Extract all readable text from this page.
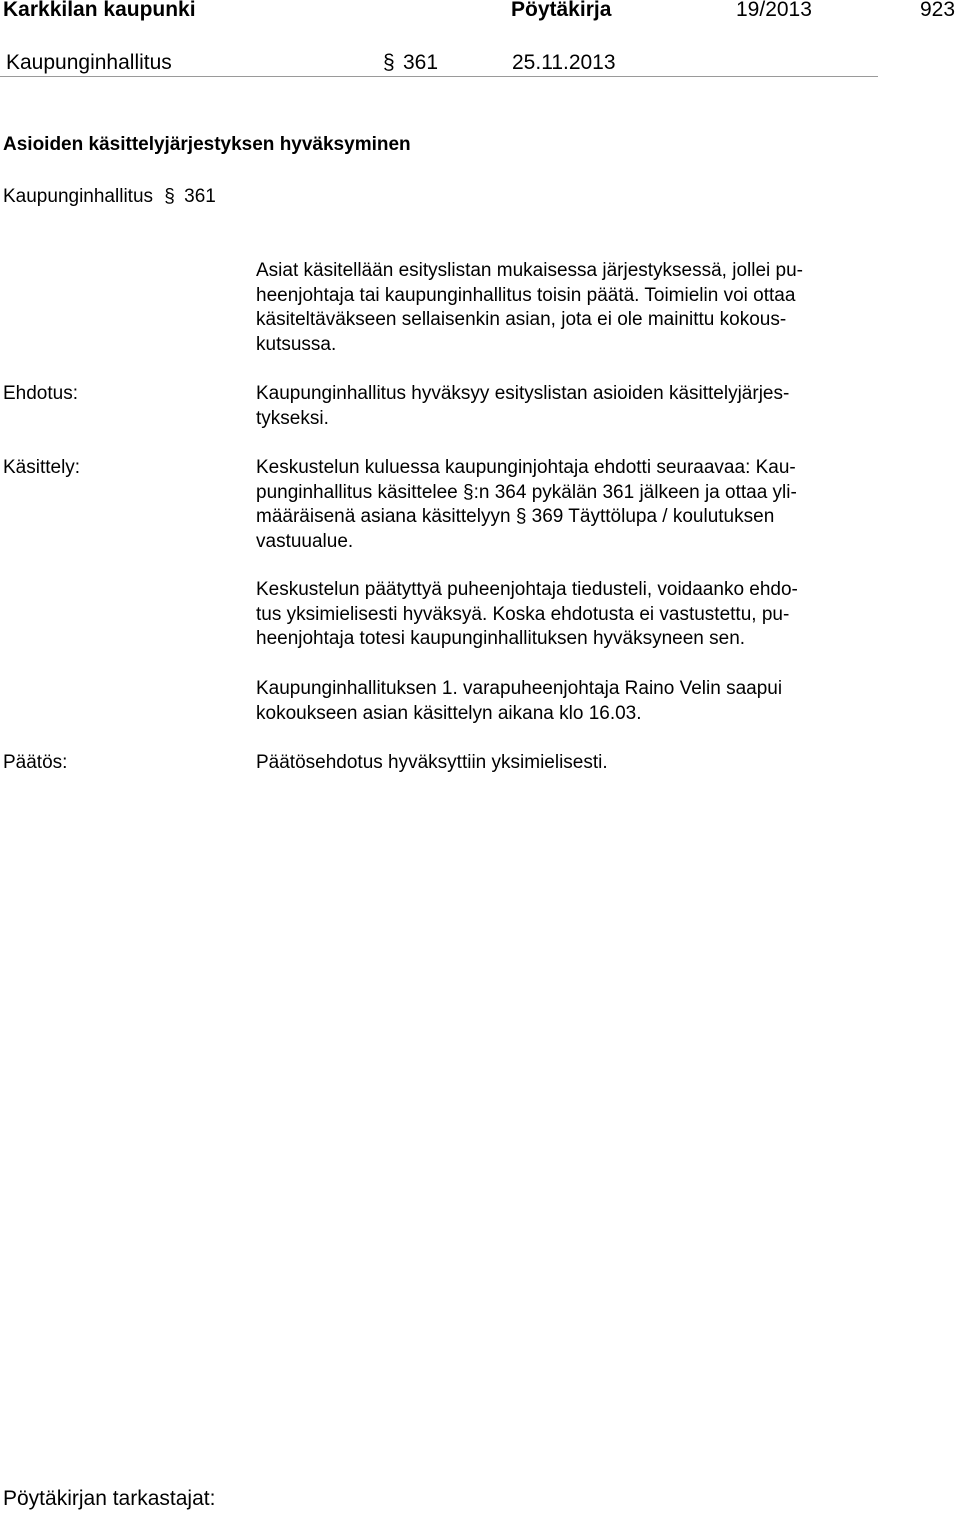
Karkkilan kaupunki	Pöytäkirja	19/2013	923
Kaupunginhallitus	§ 361	25.11.2013
Asioiden käsittelyjärjestyksen hyväksyminen
Kaupunginhallitus § 361
Asiat käsitellään esityslistan mukaisessa järjestyksessä, jollei pu-
heenjohtaja tai kaupunginhallitus toisin päätä. Toimielin voi ottaa
käsiteltäväkseen sellaisenkin asian, jota ei ole mainittu kokous-
kutsussa.
Ehdotus:	Kaupunginhallitus hyväksyy esityslistan asioiden käsittelyjärjes-
tykseksi.
Käsittely:	Keskustelun kuluessa kaupunginjohtaja ehdotti seuraavaa: Kau-
punginhallitus käsittelee §:n 364 pykälän 361 jälkeen ja ottaa yli-
määräisenä asiana käsittelyyn § 369 Täyttölupa / koulutuksen
vastuualue.
Keskustelun päätyttyä puheenjohtaja tiedusteli, voidaanko ehdo-
tus yksimielisesti hyväksyä. Koska ehdotusta ei vastustettu, pu-
heenjohtaja totesi kaupunginhallituksen hyväksyneen sen.
Kaupunginhallituksen 1. varapuheenjohtaja Raino Velin saapui
kokoukseen asian käsittelyn aikana klo 16.03.
Päätös:	Päätösehdotus hyväksyttiin yksimielisesti.
Pöytäkirjan tarkastajat:
